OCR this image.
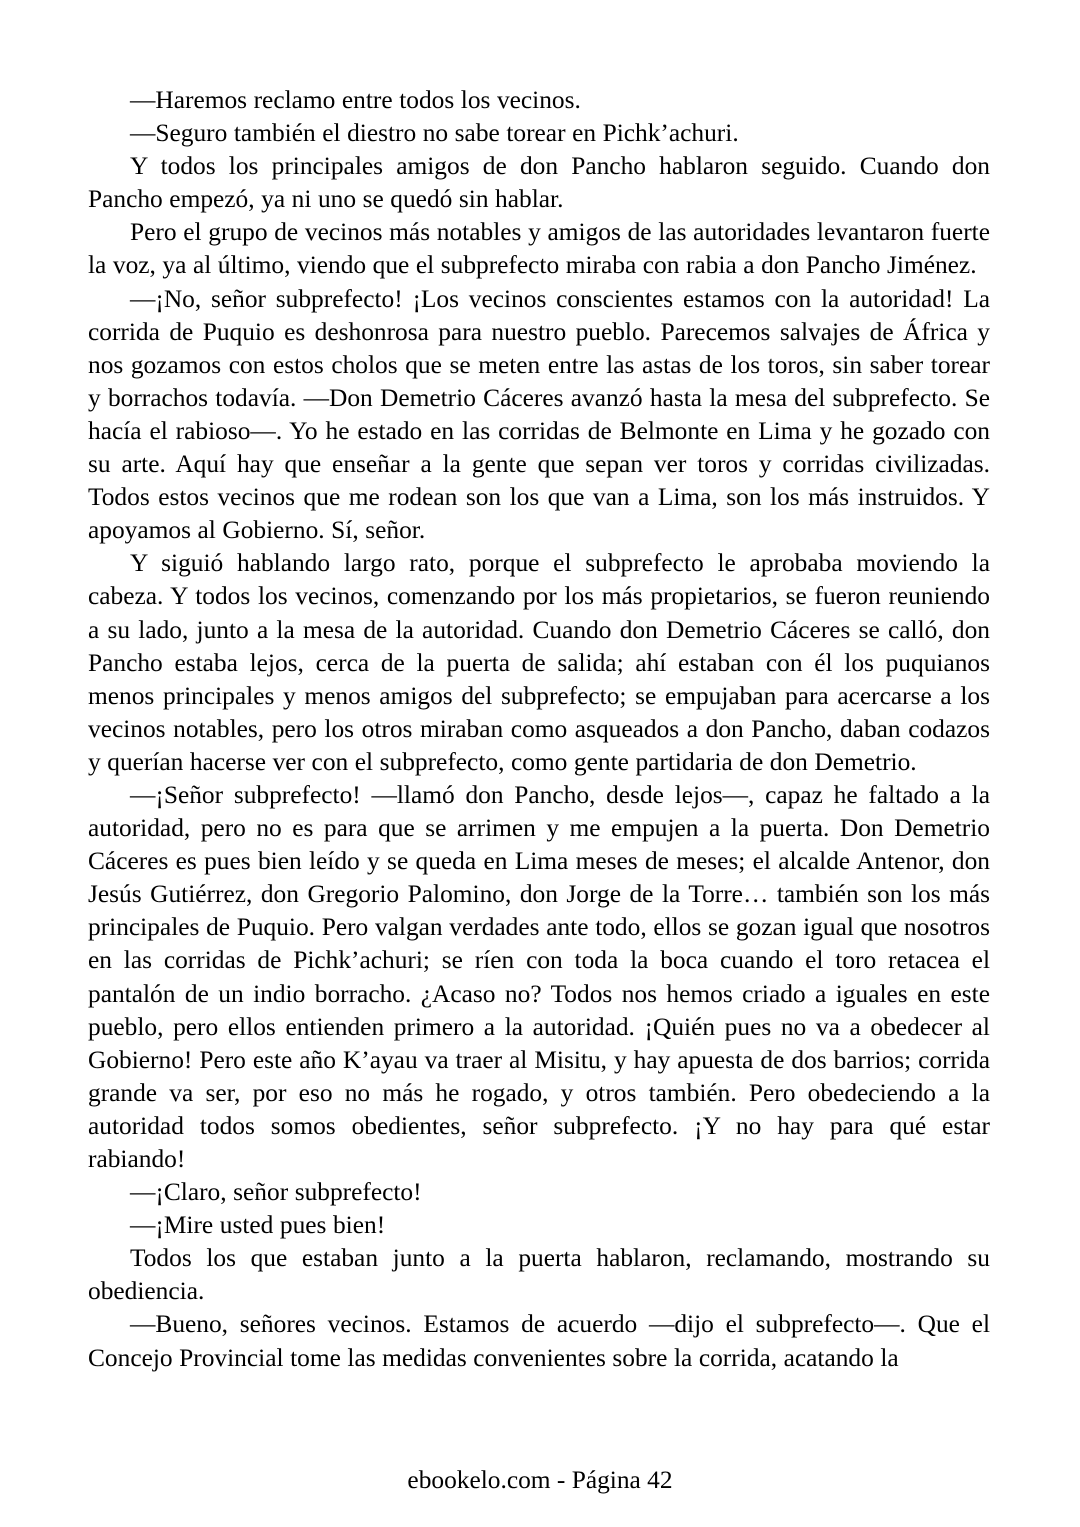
—Haremos reclamo entre todos los vecinos.

—Seguro también el diestro no sabe torear en Pichk’achuri.

Y todos los principales amigos de don Pancho hablaron seguido. Cuando don Pancho empezó, ya ni uno se quedó sin hablar.

Pero el grupo de vecinos más notables y amigos de las autoridades levantaron fuerte la voz, ya al último, viendo que el subprefecto miraba con rabia a don Pancho Jiménez.

—¡No, señor subprefecto! ¡Los vecinos conscientes estamos con la autoridad! La corrida de Puquio es deshonrosa para nuestro pueblo. Parecemos salvajes de África y nos gozamos con estos cholos que se meten entre las astas de los toros, sin saber torear y borrachos todavía. —Don Demetrio Cáceres avanzó hasta la mesa del subprefecto. Se hacía el rabioso—. Yo he estado en las corridas de Belmonte en Lima y he gozado con su arte. Aquí hay que enseñar a la gente que sepan ver toros y corridas civilizadas. Todos estos vecinos que me rodean son los que van a Lima, son los más instruidos. Y apoyamos al Gobierno. Sí, señor.

Y siguió hablando largo rato, porque el subprefecto le aprobaba moviendo la cabeza. Y todos los vecinos, comenzando por los más propietarios, se fueron reuniendo a su lado, junto a la mesa de la autoridad. Cuando don Demetrio Cáceres se calló, don Pancho estaba lejos, cerca de la puerta de salida; ahí estaban con él los puquianos menos principales y menos amigos del subprefecto; se empujaban para acercarse a los vecinos notables, pero los otros miraban como asqueados a don Pancho, daban codazos y querían hacerse ver con el subprefecto, como gente partidaria de don Demetrio.

—¡Señor subprefecto! —llamó don Pancho, desde lejos—, capaz he faltado a la autoridad, pero no es para que se arrimen y me empujen a la puerta. Don Demetrio Cáceres es pues bien leído y se queda en Lima meses de meses; el alcalde Antenor, don Jesús Gutiérrez, don Gregorio Palomino, don Jorge de la Torre… también son los más principales de Puquio. Pero valgan verdades ante todo, ellos se gozan igual que nosotros en las corridas de Pichk’achuri; se ríen con toda la boca cuando el toro retacea el pantalón de un indio borracho. ¿Acaso no? Todos nos hemos criado a iguales en este pueblo, pero ellos entienden primero a la autoridad. ¡Quién pues no va a obedecer al Gobierno! Pero este año K’ayau va traer al Misitu, y hay apuesta de dos barrios; corrida grande va ser, por eso no más he rogado, y otros también. Pero obedeciendo a la autoridad todos somos obedientes, señor subprefecto. ¡Y no hay para qué estar rabiando!

—¡Claro, señor subprefecto!

—¡Mire usted pues bien!

Todos los que estaban junto a la puerta hablaron, reclamando, mostrando su obediencia.

—Bueno, señores vecinos. Estamos de acuerdo —dijo el subprefecto—. Que el Concejo Provincial tome las medidas convenientes sobre la corrida, acatando la

ebookelo.com - Página 42
